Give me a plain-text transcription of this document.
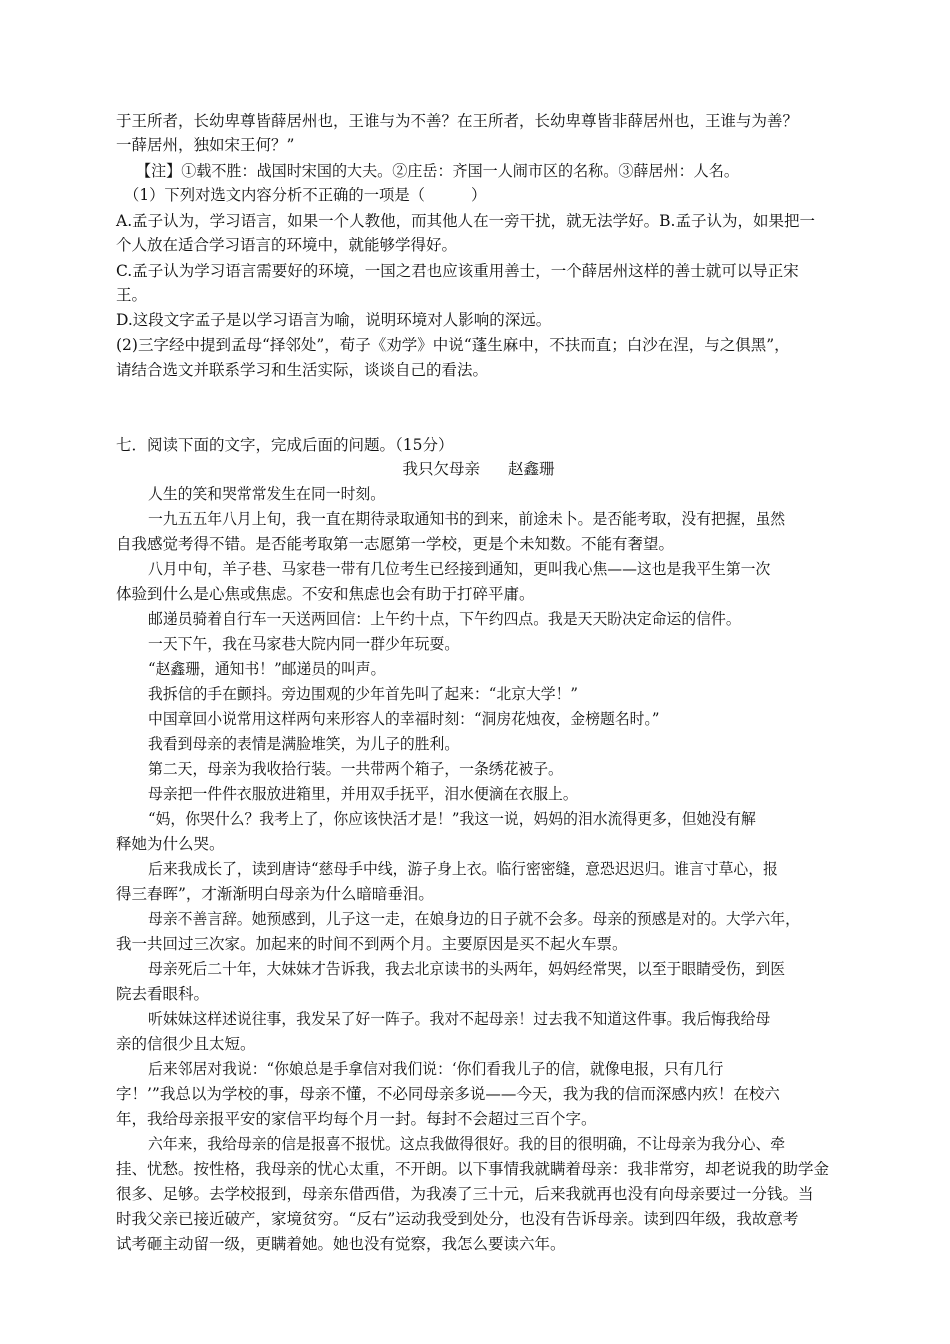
于王所者，长幼卑尊皆薛居州也，王谁与为不善？在王所者，长幼卑尊皆非薛居州也，王谁与为善？
一薛居州，独如宋王何？”
【注】①载不胜：战国时宋国的大夫。②庄岳：齐国一人闹市区的名称。③薛居州：人名。
（1）下列对选文内容分析不正确的一项是（　　　）
A.孟子认为，学习语言，如果一个人教他，而其他人在一旁干扰，就无法学好。B.孟子认为，如果把一
个人放在适合学习语言的环境中，就能够学得好。
C.孟子认为学习语言需要好的环境，一国之君也应该重用善士，一个薛居州这样的善士就可以导正宋
王。
D.这段文字孟子是以学习语言为喻，说明环境对人影响的深远。
(2)三字经中提到孟母“择邻处”，荀子《劝学》中说“蓬生麻中，不扶而直；白沙在涅，与之俱黑”，
请结合选文并联系学习和生活实际，谈谈自己的看法。
七．阅读下面的文字，完成后面的问题。（15分）
我只欠母亲 赵鑫珊
人生的笑和哭常常发生在同一时刻。
一九五五年八月上旬，我一直在期待录取通知书的到来，前途未卜。是否能考取，没有把握，虽然
自我感觉考得不错。是否能考取第一志愿第一学校，更是个未知数。不能有奢望。
八月中旬，羊子巷、马家巷一带有几位考生已经接到通知，更叫我心焦——这也是我平生第一次
体验到什么是心焦或焦虑。不安和焦虑也会有助于打碎平庸。
邮递员骑着自行车一天送两回信：上午约十点，下午约四点。我是天天盼决定命运的信件。
一天下午，我在马家巷大院内同一群少年玩耍。
“赵鑫珊，通知书！”邮递员的叫声。
我拆信的手在颤抖。旁边围观的少年首先叫了起来：“北京大学！”
中国章回小说常用这样两句来形容人的幸福时刻：“洞房花烛夜，金榜题名时。”
我看到母亲的表情是满脸堆笑，为儿子的胜利。
第二天，母亲为我收拾行装。一共带两个箱子，一条绣花被子。
母亲把一件件衣服放进箱里，并用双手抚平，泪水便滴在衣服上。
“妈，你哭什么？我考上了，你应该快活才是！”我这一说，妈妈的泪水流得更多，但她没有解
释她为什么哭。
后来我成长了，读到唐诗“慈母手中线，游子身上衣。临行密密缝，意恐迟迟归。谁言寸草心，报
得三春晖”，才渐渐明白母亲为什么暗暗垂泪。
母亲不善言辞。她预感到，儿子这一走，在娘身边的日子就不会多。母亲的预感是对的。大学六年，
我一共回过三次家。加起来的时间不到两个月。主要原因是买不起火车票。
母亲死后二十年，大妹妹才告诉我，我去北京读书的头两年，妈妈经常哭，以至于眼睛受伤，到医
院去看眼科。
听妹妹这样述说往事，我发呆了好一阵子。我对不起母亲！过去我不知道这件事。我后悔我给母
亲的信很少且太短。
后来邻居对我说：“你娘总是手拿信对我们说：‘你们看我儿子的信，就像电报，只有几行
字！’”我总以为学校的事，母亲不懂，不必同母亲多说——今天，我为我的信而深感内疚！在校六
年，我给母亲报平安的家信平均每个月一封。每封不会超过三百个字。
六年来，我给母亲的信是报喜不报忧。这点我做得很好。我的目的很明确，不让母亲为我分心、牵
挂、忧愁。按性格，我母亲的忧心太重，不开朗。以下事情我就瞒着母亲：我非常穷，却老说我的助学金
很多、足够。去学校报到，母亲东借西借，为我凑了三十元，后来我就再也没有向母亲要过一分钱。当
时我父亲已接近破产，家境贫穷。“反右”运动我受到处分，也没有告诉母亲。读到四年级，我故意考
试考砸主动留一级，更瞒着她。她也没有觉察，我怎么要读六年。
